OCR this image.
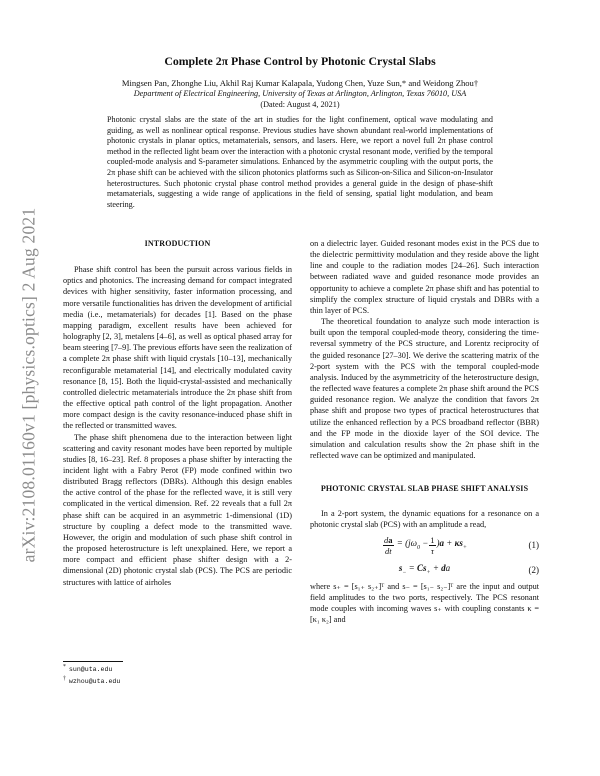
arXiv:2108.01160v1 [physics.optics] 2 Aug 2021
Complete 2π Phase Control by Photonic Crystal Slabs
Mingsen Pan, Zhonghe Liu, Akhil Raj Kumar Kalapala, Yudong Chen, Yuze Sun,* and Weidong Zhou†
Department of Electrical Engineering, University of Texas at Arlington, Arlington, Texas 76010, USA
(Dated: August 4, 2021)
Photonic crystal slabs are the state of the art in studies for the light confinement, optical wave modulating and guiding, as well as nonlinear optical response. Previous studies have shown abundant real-world implementations of photonic crystals in planar optics, metamaterials, sensors, and lasers. Here, we report a novel full 2π phase control method in the reflected light beam over the interaction with a photonic crystal resonant mode, verified by the temporal coupled-mode analysis and S-parameter simulations. Enhanced by the asymmetric coupling with the output ports, the 2π phase shift can be achieved with the silicon photonics platforms such as Silicon-on-Silica and Silicon-on-Insulator heterostructures. Such photonic crystal phase control method provides a general guide in the design of phase-shift metamaterials, suggesting a wide range of applications in the field of sensing, spatial light modulation, and beam steering.

INTRODUCTION

Phase shift control has been the pursuit across various fields in optics and photonics. The increasing demand for compact integrated devices with higher sensitivity, faster information processing, and more versatile functionalities has driven the development of artificial media (i.e., metamaterials) for decades [1]. Based on the phase mapping paradigm, excellent results have been achieved for holography [2, 3], metalens [4–6], as well as optical phased array for beam steering [7–9]. The previous efforts have seen the realization of a complete 2π phase shift with liquid crystals [10–13], mechanically reconfigurable metamaterial [14], and electrically modulated cavity resonance [8, 15]. Both the liquid-crystal-assisted and mechanically controlled dielectric metamaterials introduce the 2π phase shift from the effective optical path control of the light propagation. Another more compact design is the cavity resonance-induced phase shift in the reflected or transmitted waves.

The phase shift phenomena due to the interaction between light scattering and cavity resonant modes have been reported by multiple studies [8, 16–23]. Ref. 8 proposes a phase shifter by interacting the incident light with a Fabry Perot (FP) mode confined within two distributed Bragg reflectors (DBRs). Although this design enables the active control of the phase for the reflected wave, it is still very complicated in the vertical dimension. Ref. 22 reveals that a full 2π phase shift can be acquired in an asymmetric 1-dimensional (1D) structure by coupling a defect mode to the transmitted wave. However, the origin and modulation of such phase shift control in the proposed heterostructure is left unexplained. Here, we report a more compact and efficient phase shifter design with a 2-dimensional (2D) photonic crystal slab (PCS). The PCS are periodic structures with lattice of airholes

on a dielectric layer. Guided resonant modes exist in the PCS due to the dielectric permittivity modulation and they reside above the light line and couple to the radiation modes [24–26]. Such interaction between radiated wave and guided resonance mode provides an opportunity to achieve a complete 2π phase shift and has potential to simplify the complex structure of liquid crystals and DBRs with a thin layer of PCS.

The theoretical foundation to analyze such mode interaction is built upon the temporal coupled-mode theory, considering the time-reversal symmetry of the PCS structure, and Lorentz reciprocity of the guided resonance [27–30]. We derive the scattering matrix of the 2-port system with the PCS with the temporal coupled-mode analysis. Induced by the asymmetricity of the heterostructure design, the reflected wave features a complete 2π phase shift around the PCS guided resonance region. We analyze the condition that favors 2π phase shift and propose two types of practical heterostructures that utilize the enhanced reflection by a PCS broadband reflector (BBR) and the FP mode in the dioxide layer of the SOI device. The simulation and calculation results show the 2π phase shift in the reflected wave can be optimized and manipulated.

PHOTONIC CRYSTAL SLAB PHASE SHIFT ANALYSIS

In a 2-port system, the dynamic equations for a resonance on a photonic crystal slab (PCS) with an amplitude a read,

$\frac{da}{dt} = (j\omega_0 - \frac{1}{\tau} )a + \kappa s_+$	(1)
$s_- = Cs_+$ + da	(2)

where s₊ = [s₁₊ s₂₊]ᵀ and s₋ = [s₁₋ s₂₋]ᵀ are the input and output field amplitudes to the two ports, respectively. The PCS resonant mode couples with incoming waves s₊ with coupling constants κ = [κ₁ κ₂] and

* sun@uta.edu
† wzhou@uta.edu
